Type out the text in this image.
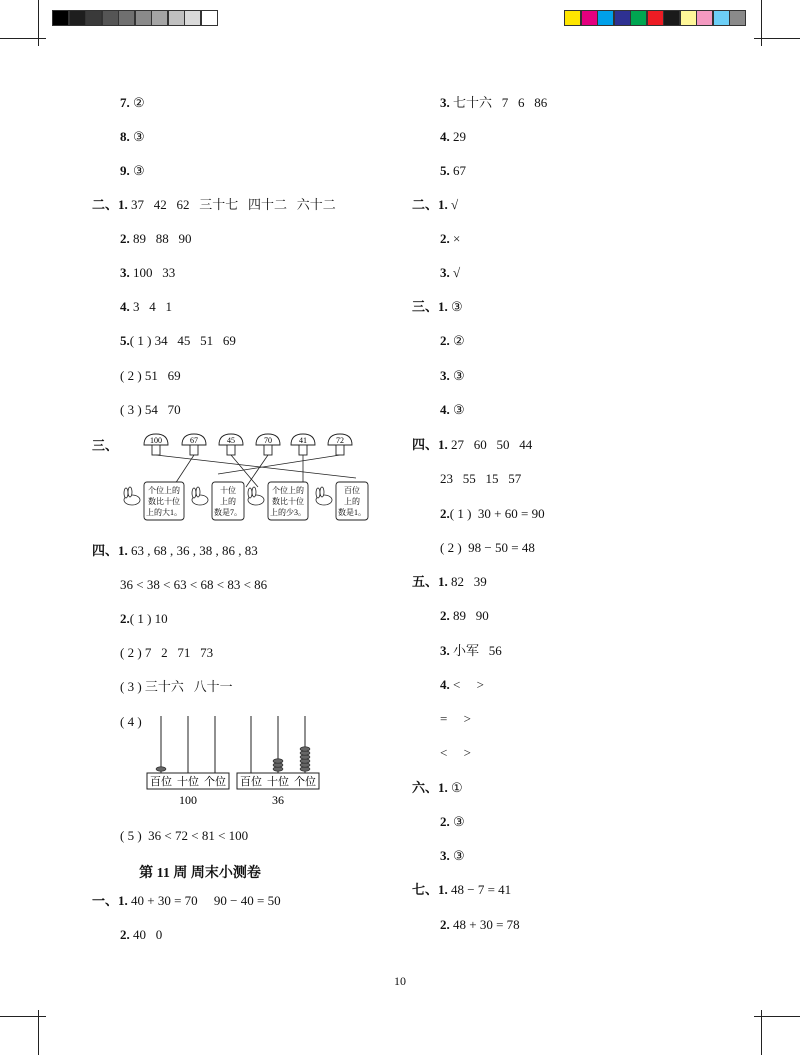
7. ②
8. ③
9. ③
二、1. 37   42   62   三十七   四十二   六十二
2. 89   88   90
3. 100   33
4. 3   4   1
5.( 1 ) 34   45   51   69
( 2 ) 51   69
( 3 ) 54   70
三、	100	67	45	70	41	72
个位上的
数比十位
上的大1。
十位
上的
数是7。
个位上的
数比十位
上的少3。
百位
上的
数是1。
四、1. 63 , 68 , 36 , 38 , 86 , 83
36 < 38 < 63 < 68 < 83 < 86
2.( 1 ) 10
( 2 ) 7   2   71   73
( 3 ) 三十六   八十一
( 4 )
百位 十位 个位
100
百位 十位 个位
36
( 5 )  36 < 72 < 81 < 100
第 11 周 周末小测卷
一、1. 40 + 30 = 70     90 − 40 = 50
2. 40   0
3. 七十六   7   6   86
4. 29
5. 67
二、1. √
2. ×
3. √
三、1. ③
2. ②
3. ③
4. ③
四、1. 27   60   50   44
23   55   15   57
2.( 1 )  30 + 60 = 90
( 2 )  98 − 50 = 48
五、1. 82   39
2. 89   90
3. 小军   56
4. <     >
=     >
<     >
六、1. ①
2. ③
3. ③
七、1. 48 − 7 = 41
2. 48 + 30 = 78
10
